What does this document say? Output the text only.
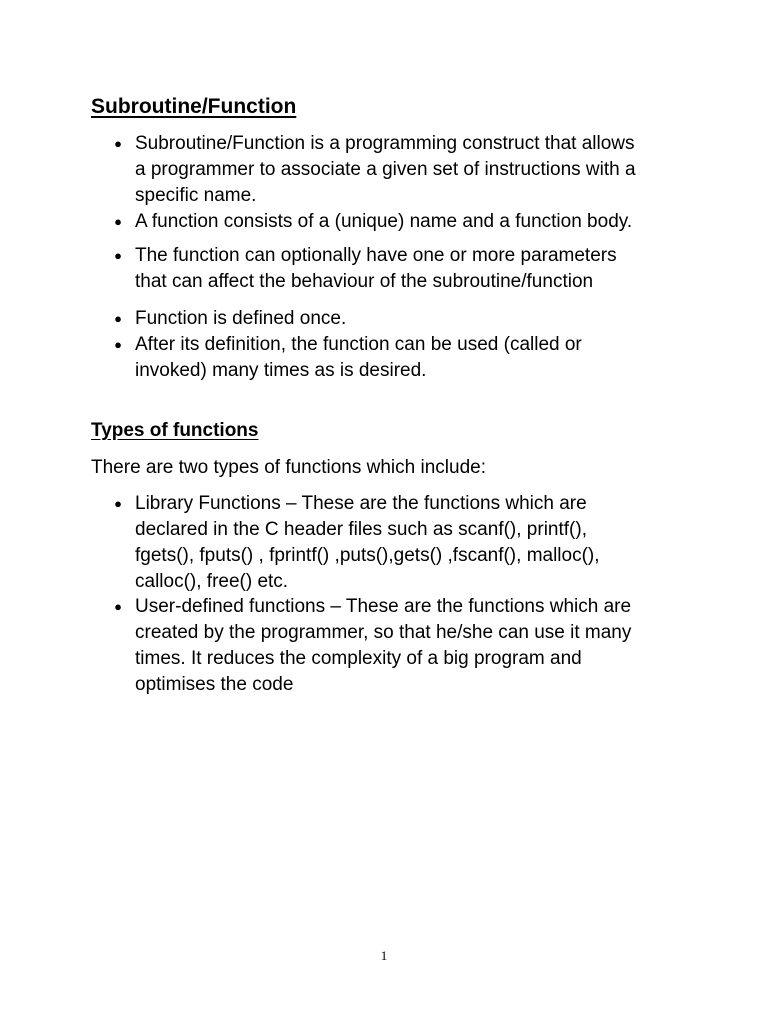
Subroutine/Function
● Subroutine/Function is a programming construct that allows
a programmer to associate a given set of instructions with a
specific name.
● A function consists of a (unique) name and a function body.
● The function can optionally have one or more parameters
that can affect the behaviour of the subroutine/function
● Function is defined once.
● After its definition, the function can be used (called or
invoked) many times as is desired.
Types of functions

There are two types of functions which include:

● Library Functions – These are the functions which are
declared in the C header files such as scanf(), printf(),
fgets(), fputs() , fprintf() ,puts(),gets() ,fscanf(), malloc(),
calloc(), free() etc.
● User-defined functions – These are the functions which are
created by the programmer, so that he/she can use it many
times. It reduces the complexity of a big program and
optimises the code
1
